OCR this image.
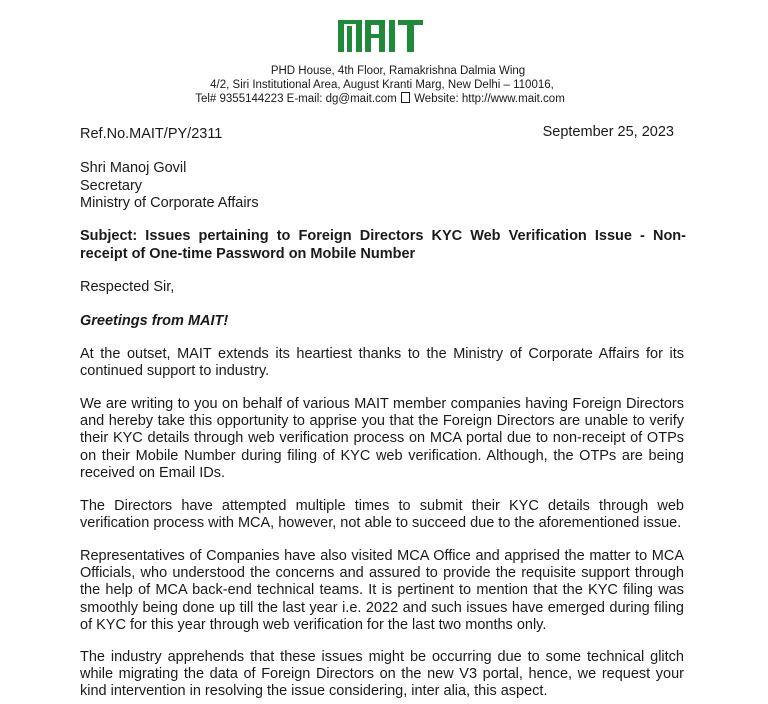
PHD House, 4th Floor, Ramakrishna Dalmia Wing
4/2, Siri Institutional Area, August Kranti Marg, New Delhi – 110016,
Tel# 9355144223 E-mail: dg@mait.com Website: http://www.mait.com
Ref.No.MAIT/PY/2311	September 25, 2023
Shri Manoj Govil
Secretary
Ministry of Corporate Affairs
Subject: Issues pertaining to Foreign Directors KYC Web Verification Issue - Non-receipt of One-time Password on Mobile Number
Respected Sir,
Greetings from MAIT!
At the outset, MAIT extends its heartiest thanks to the Ministry of Corporate Affairs for its continued support to industry.
We are writing to you on behalf of various MAIT member companies having Foreign Directors and hereby take this opportunity to apprise you that the Foreign Directors are unable to verify their KYC details through web verification process on MCA portal due to non-receipt of OTPs on their Mobile Number during filing of KYC web verification. Although, the OTPs are being received on Email IDs.
The Directors have attempted multiple times to submit their KYC details through web verification process with MCA, however, not able to succeed due to the aforementioned issue.
Representatives of Companies have also visited MCA Office and apprised the matter to MCA Officials, who understood the concerns and assured to provide the requisite support through the help of MCA back-end technical teams. It is pertinent to mention that the KYC filing was smoothly being done up till the last year i.e. 2022 and such issues have emerged during filing of KYC for this year through web verification for the last two months only.
The industry apprehends that these issues might be occurring due to some technical glitch while migrating the data of Foreign Directors on the new V3 portal, hence, we request your kind intervention in resolving the issue considering, inter alia, this aspect.
